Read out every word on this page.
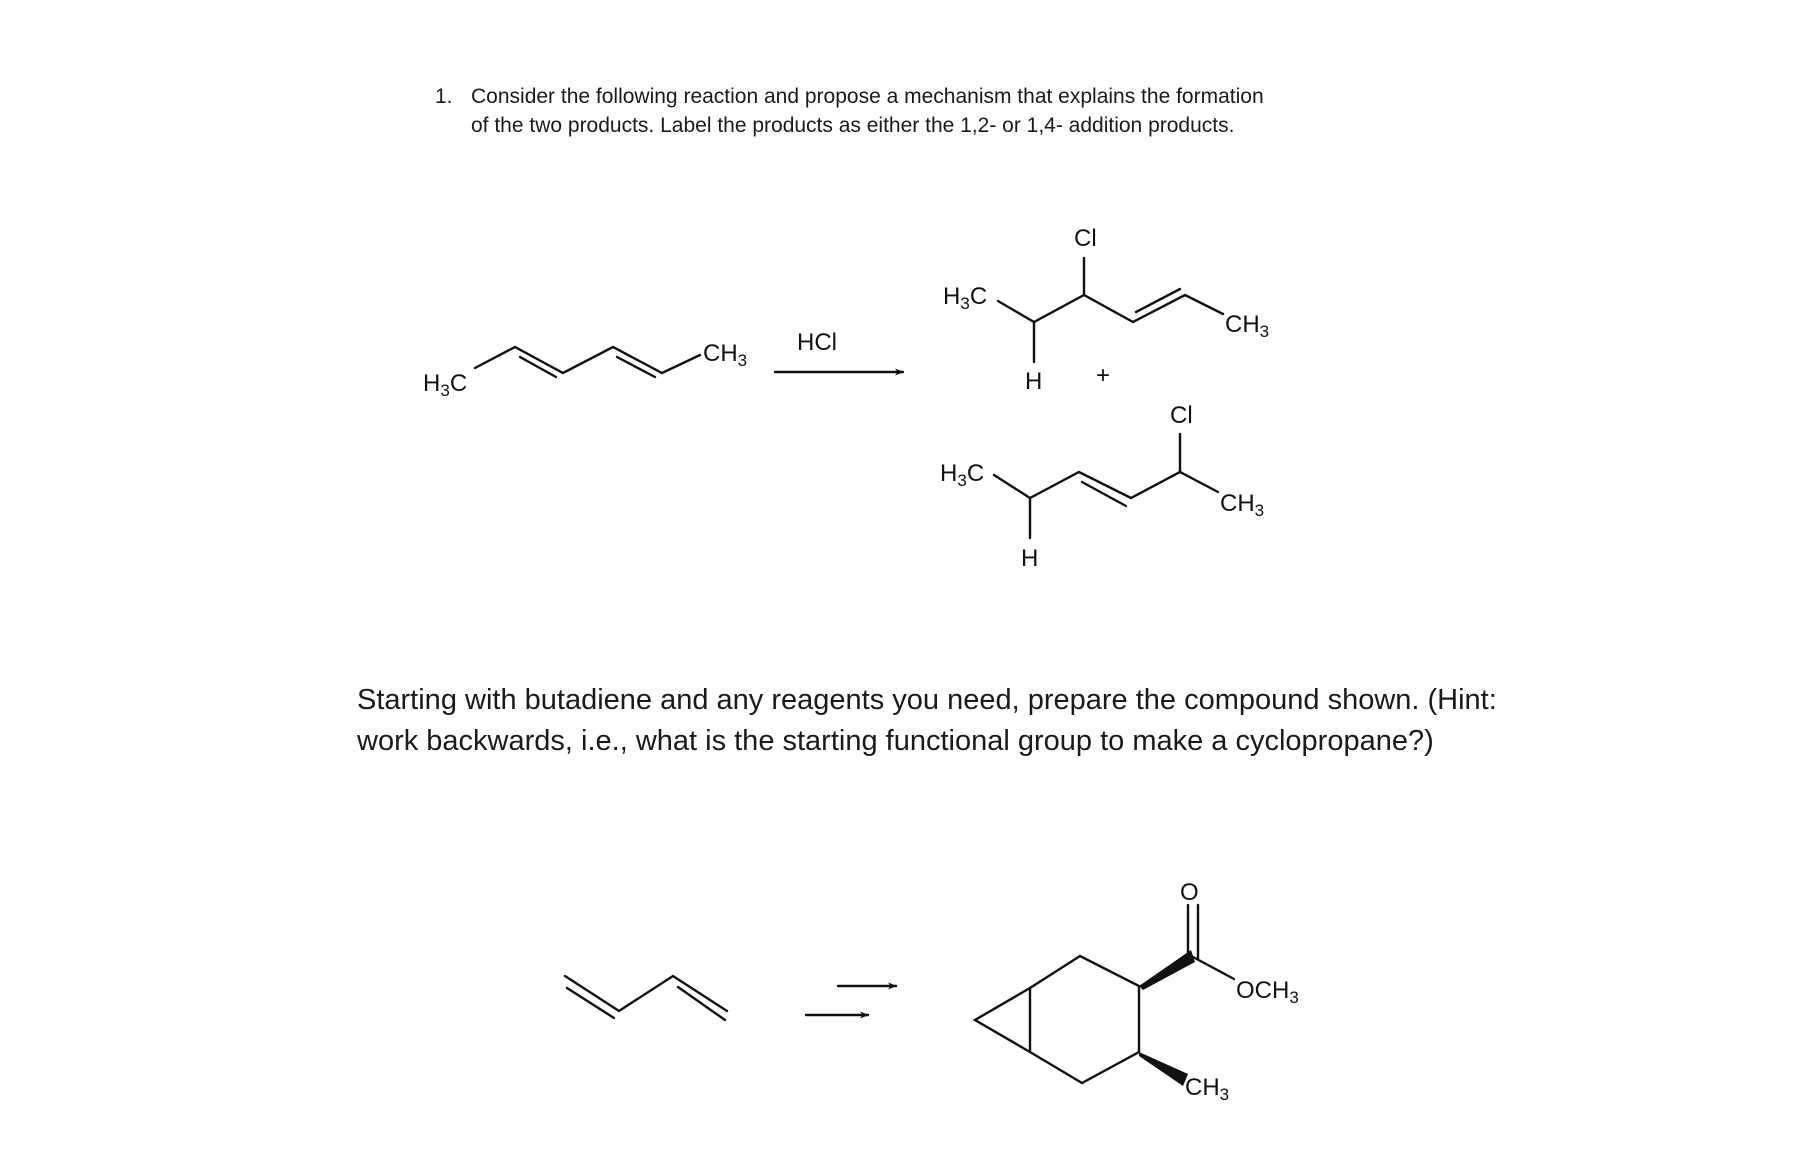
1. Consider the following reaction and propose a mechanism that explains the formation
of the two products. Label the products as either the 1,2- or 1,4- addition products.
$H_3C$
$CH_3$
HCl
$H_3C$
Cl
H
$CH_3$
+
$H_3C$
Cl
H
$CH_3$
O
$OCH_3$
$CH_3$
Starting with butadiene and any reagents you need, prepare the compound shown. (Hint:
work backwards, i.e., what is the starting functional group to make a cyclopropane?)
